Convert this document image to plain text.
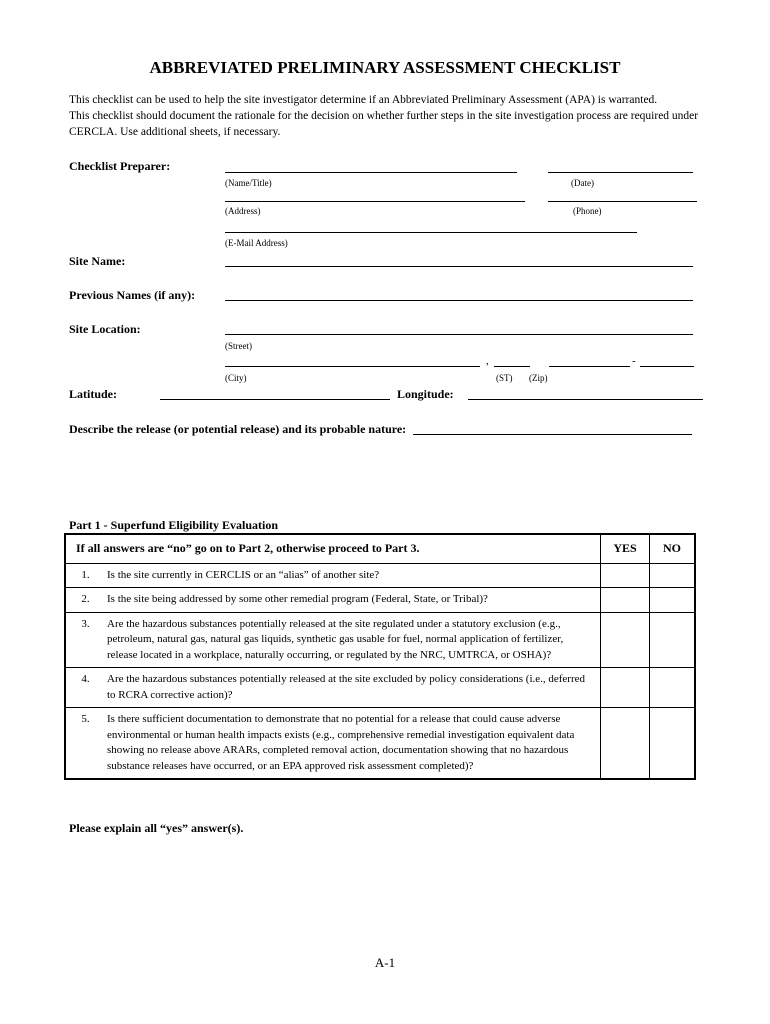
ABBREVIATED PRELIMINARY ASSESSMENT CHECKLIST

This checklist can be used to help the site investigator determine if an Abbreviated Preliminary Assessment (APA) is warranted.

This checklist should document the rationale for the decision on whether further steps in the site investigation process are required under CERCLA. Use additional sheets, if necessary.

Checklist Preparer:
(Name/Title)	(Date)
(Address)	(Phone)
(E-Mail Address)
Site Name:
Previous Names (if any):
Site Location:
(Street)
,	-
(City)	(ST) (Zip)
Latitude:	Longitude:
Describe the release (or potential release) and its probable nature:
Part 1 - Superfund Eligibility Evaluation
If all answers are “no” go on to Part 2, otherwise proceed to Part 3.		YES	NO
1.	Is the site currently in CERCLIS or an “alias” of another site?		
2.	Is the site being addressed by some other remedial program (Federal, State, or Tribal)?		
3.	Are the hazardous substances potentially released at the site regulated under a statutory exclusion (e.g., petroleum, natural gas, natural gas liquids, synthetic gas usable for fuel, normal application of fertilizer, release located in a workplace, naturally occurring, or regulated by the NRC, UMTRCA, or OSHA)?		
4.	Are the hazardous substances potentially released at the site excluded by policy considerations (i.e., deferred to RCRA corrective action)?		
5.	Is there sufficient documentation to demonstrate that no potential for a release that could cause adverse environmental or human health impacts exists (e.g., comprehensive remedial investigation equivalent data showing no release above ARARs, completed removal action, documentation showing that no hazardous substance releases have occurred, or an EPA approved risk assessment completed)?		
Please explain all “yes” answer(s).
A-1
